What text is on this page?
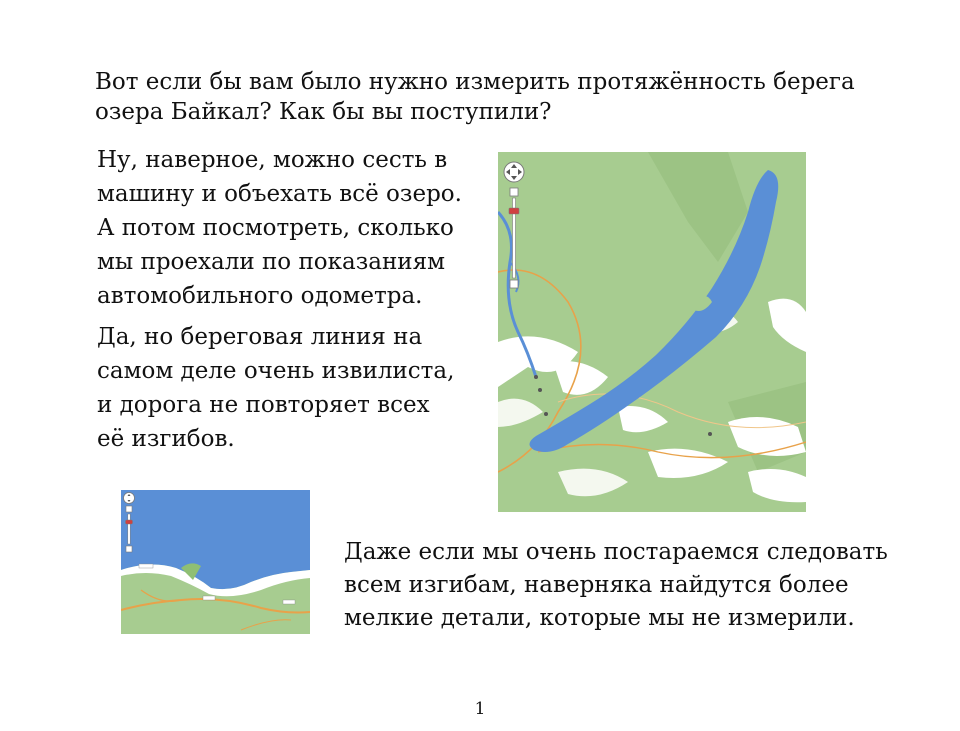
Вот если бы вам было нужно измерить протяжённость берега
озера Байкал? Как бы вы поступили?
Ну, наверное, можно сесть в
машину и объехать всё озеро.
А потом посмотреть, сколько
мы проехали по показаниям
автомобильного одометра.
Да, но береговая линия на
самом деле очень извилиста,
и дорога не повторяет всех
её изгибов.
Даже если мы очень постараемся следовать
всем изгибам, наверняка найдутся более
мелкие детали, которые мы не измерили.
1
